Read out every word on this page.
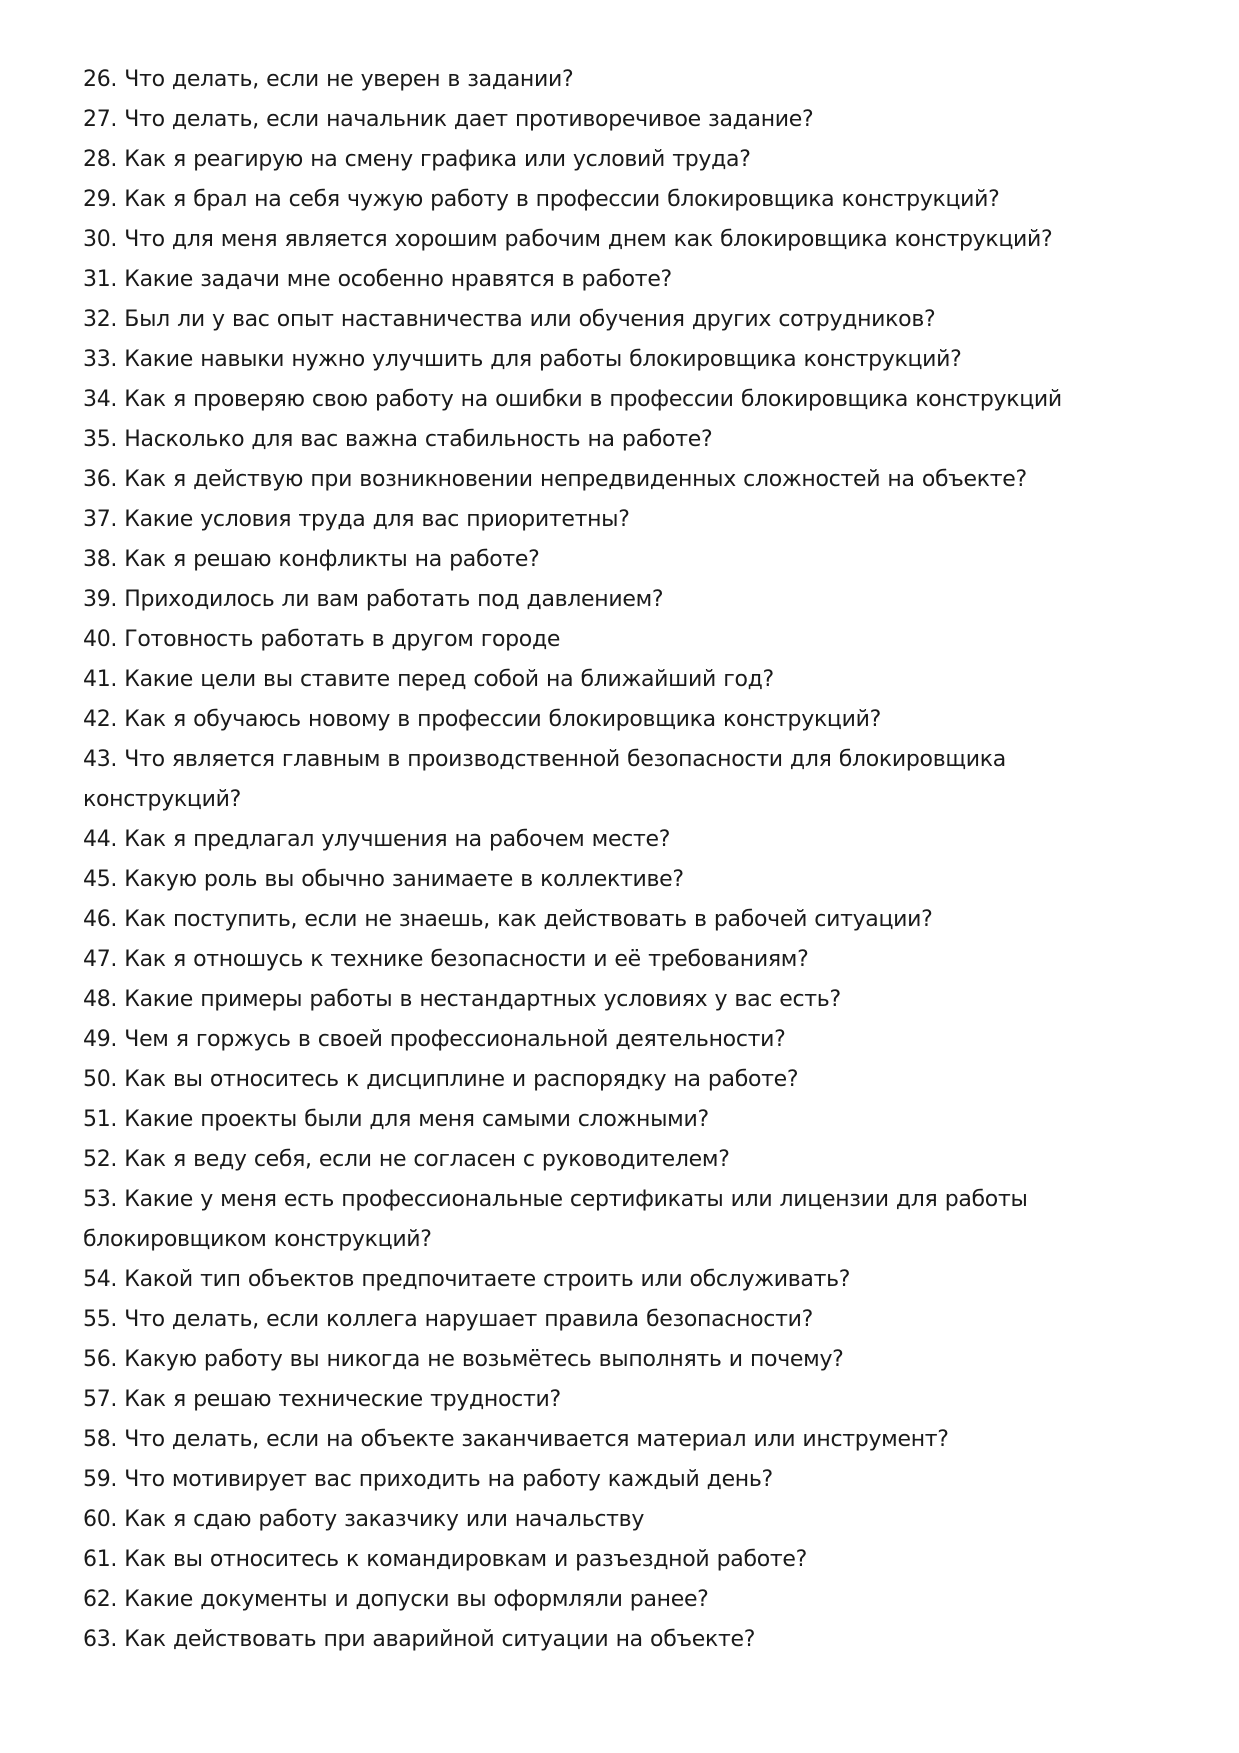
26. Что делать, если не уверен в задании?
27. Что делать, если начальник дает противоречивое задание?
28. Как я реагирую на смену графика или условий труда?
29. Как я брал на себя чужую работу в профессии блокировщика конструкций?
30. Что для меня является хорошим рабочим днем как блокировщика конструкций?
31. Какие задачи мне особенно нравятся в работе?
32. Был ли у вас опыт наставничества или обучения других сотрудников?
33. Какие навыки нужно улучшить для работы блокировщика конструкций?
34. Как я проверяю свою работу на ошибки в профессии блокировщика конструкций
35. Насколько для вас важна стабильность на работе?
36. Как я действую при возникновении непредвиденных сложностей на объекте?
37. Какие условия труда для вас приоритетны?
38. Как я решаю конфликты на работе?
39. Приходилось ли вам работать под давлением?
40. Готовность работать в другом городе
41. Какие цели вы ставите перед собой на ближайший год?
42. Как я обучаюсь новому в профессии блокировщика конструкций?
43. Что является главным в производственной безопасности для блокировщика конструкций?
44. Как я предлагал улучшения на рабочем месте?
45. Какую роль вы обычно занимаете в коллективе?
46. Как поступить, если не знаешь, как действовать в рабочей ситуации?
47. Как я отношусь к технике безопасности и её требованиям?
48. Какие примеры работы в нестандартных условиях у вас есть?
49. Чем я горжусь в своей профессиональной деятельности?
50. Как вы относитесь к дисциплине и распорядку на работе?
51. Какие проекты были для меня самыми сложными?
52. Как я веду себя, если не согласен с руководителем?
53. Какие у меня есть профессиональные сертификаты или лицензии для работы блокировщиком конструкций?
54. Какой тип объектов предпочитаете строить или обслуживать?
55. Что делать, если коллега нарушает правила безопасности?
56. Какую работу вы никогда не возьмётесь выполнять и почему?
57. Как я решаю технические трудности?
58. Что делать, если на объекте заканчивается материал или инструмент?
59. Что мотивирует вас приходить на работу каждый день?
60. Как я сдаю работу заказчику или начальству
61. Как вы относитесь к командировкам и разъездной работе?
62. Какие документы и допуски вы оформляли ранее?
63. Как действовать при аварийной ситуации на объекте?
